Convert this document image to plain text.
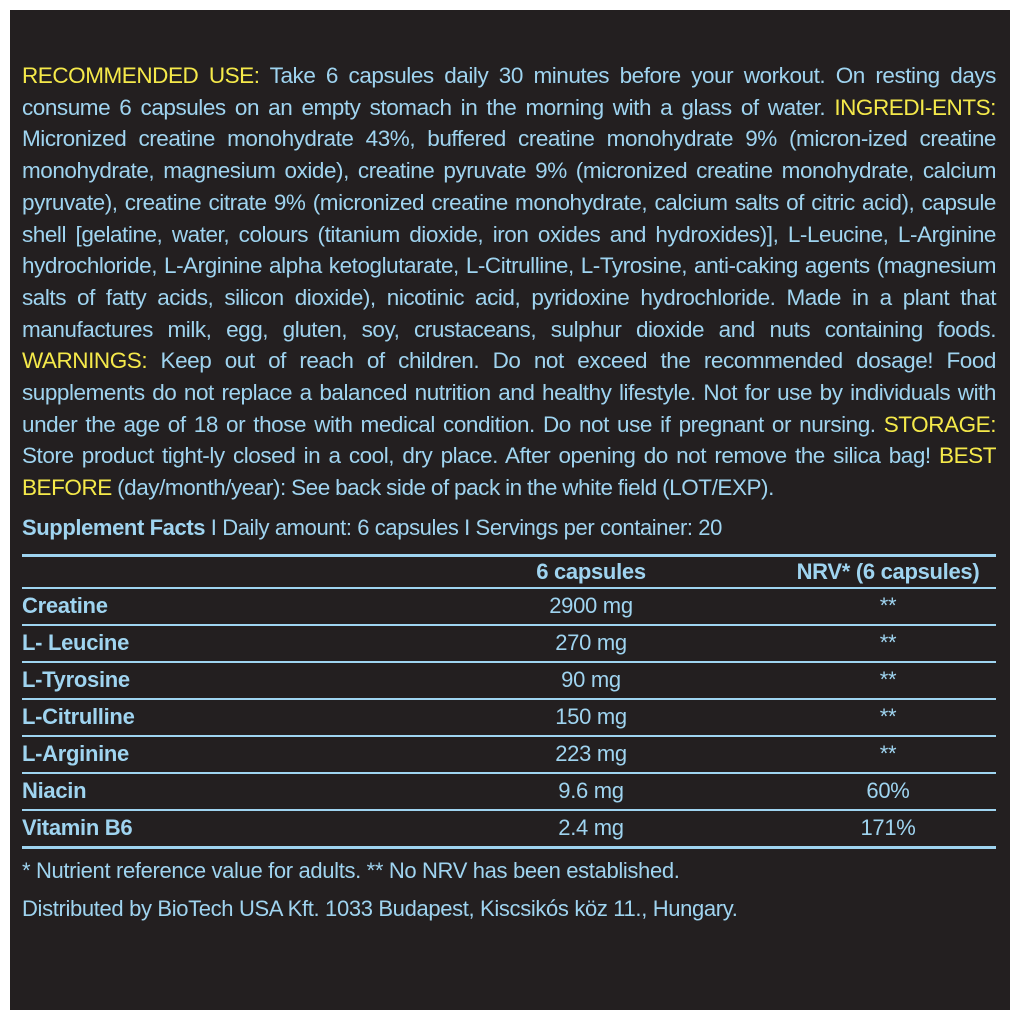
RECOMMENDED USE: Take 6 capsules daily 30 minutes before your workout. On resting days consume 6 capsules on an empty stomach in the morning with a glass of water. INGREDI-ENTS: Micronized creatine monohydrate 43%, buffered creatine monohydrate 9% (micron-ized creatine monohydrate, magnesium oxide), creatine pyruvate 9% (micronized creatine monohydrate, calcium pyruvate), creatine citrate 9% (micronized creatine monohydrate, calcium salts of citric acid), capsule shell [gelatine, water, colours (titanium dioxide, iron oxides and hydroxides)], L-Leucine, L-Arginine hydrochloride, L-Arginine alpha ketoglutarate, L-Citrulline, L-Tyrosine, anti-caking agents (magnesium salts of fatty acids, silicon dioxide), nicotinic acid, pyridoxine hydrochloride. Made in a plant that manufactures milk, egg, gluten, soy, crustaceans, sulphur dioxide and nuts containing foods. WARNINGS: Keep out of reach of children. Do not exceed the recommended dosage! Food supplements do not replace a balanced nutrition and healthy lifestyle. Not for use by individuals with under the age of 18 or those with medical condition. Do not use if pregnant or nursing. STORAGE: Store product tight-ly closed in a cool, dry place. After opening do not remove the silica bag! BEST BEFORE (day/month/year): See back side of pack in the white field (LOT/EXP).

Supplement Facts I Daily amount: 6 capsules I Servings per container: 20
	6 capsules	NRV* (6 capsules)
Creatine	2900 mg	**
L- Leucine	270 mg	**
L-Tyrosine	90 mg	**
L-Citrulline	150 mg	**
L-Arginine	223 mg	**
Niacin	9.6 mg	60%
Vitamin B6	2.4 mg	171%

* Nutrient reference value for adults. ** No NRV has been established.

Distributed by BioTech USA Kft. 1033 Budapest, Kiscsikós köz 11., Hungary.
